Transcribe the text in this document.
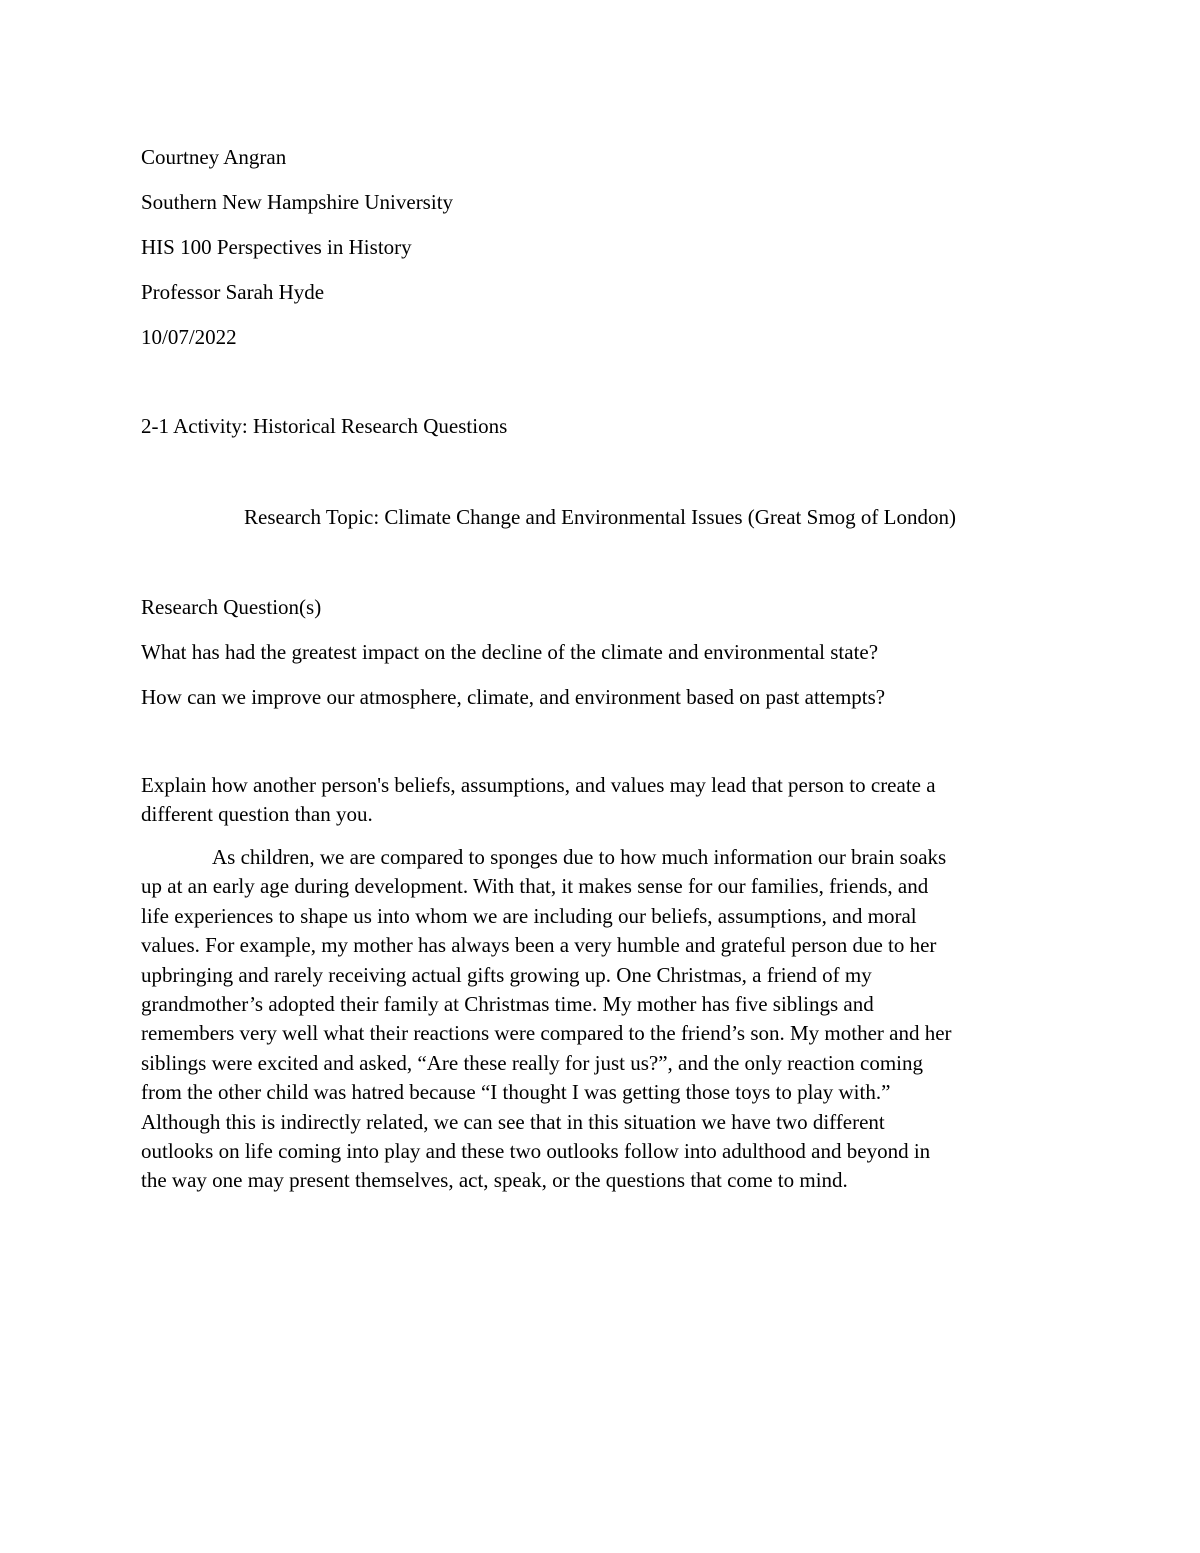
Courtney Angran

Southern New Hampshire University

HIS 100 Perspectives in History

Professor Sarah Hyde

10/07/2022

2-1 Activity: Historical Research Questions

Research Topic: Climate Change and Environmental Issues (Great Smog of London)

Research Question(s)

What has had the greatest impact on the decline of the climate and environmental state?

How can we improve our atmosphere, climate, and environment based on past attempts?

Explain how another person's beliefs, assumptions, and values may lead that person to create a
different question than you.
As children, we are compared to sponges due to how much information our brain soaks
up at an early age during development. With that, it makes sense for our families, friends, and
life experiences to shape us into whom we are including our beliefs, assumptions, and moral
values. For example, my mother has always been a very humble and grateful person due to her
upbringing and rarely receiving actual gifts growing up. One Christmas, a friend of my
grandmother’s adopted their family at Christmas time. My mother has five siblings and
remembers very well what their reactions were compared to the friend’s son. My mother and her
siblings were excited and asked, “Are these really for just us?”, and the only reaction coming
from the other child was hatred because “I thought I was getting those toys to play with.”
Although this is indirectly related, we can see that in this situation we have two different
outlooks on life coming into play and these two outlooks follow into adulthood and beyond in
the way one may present themselves, act, speak, or the questions that come to mind.
